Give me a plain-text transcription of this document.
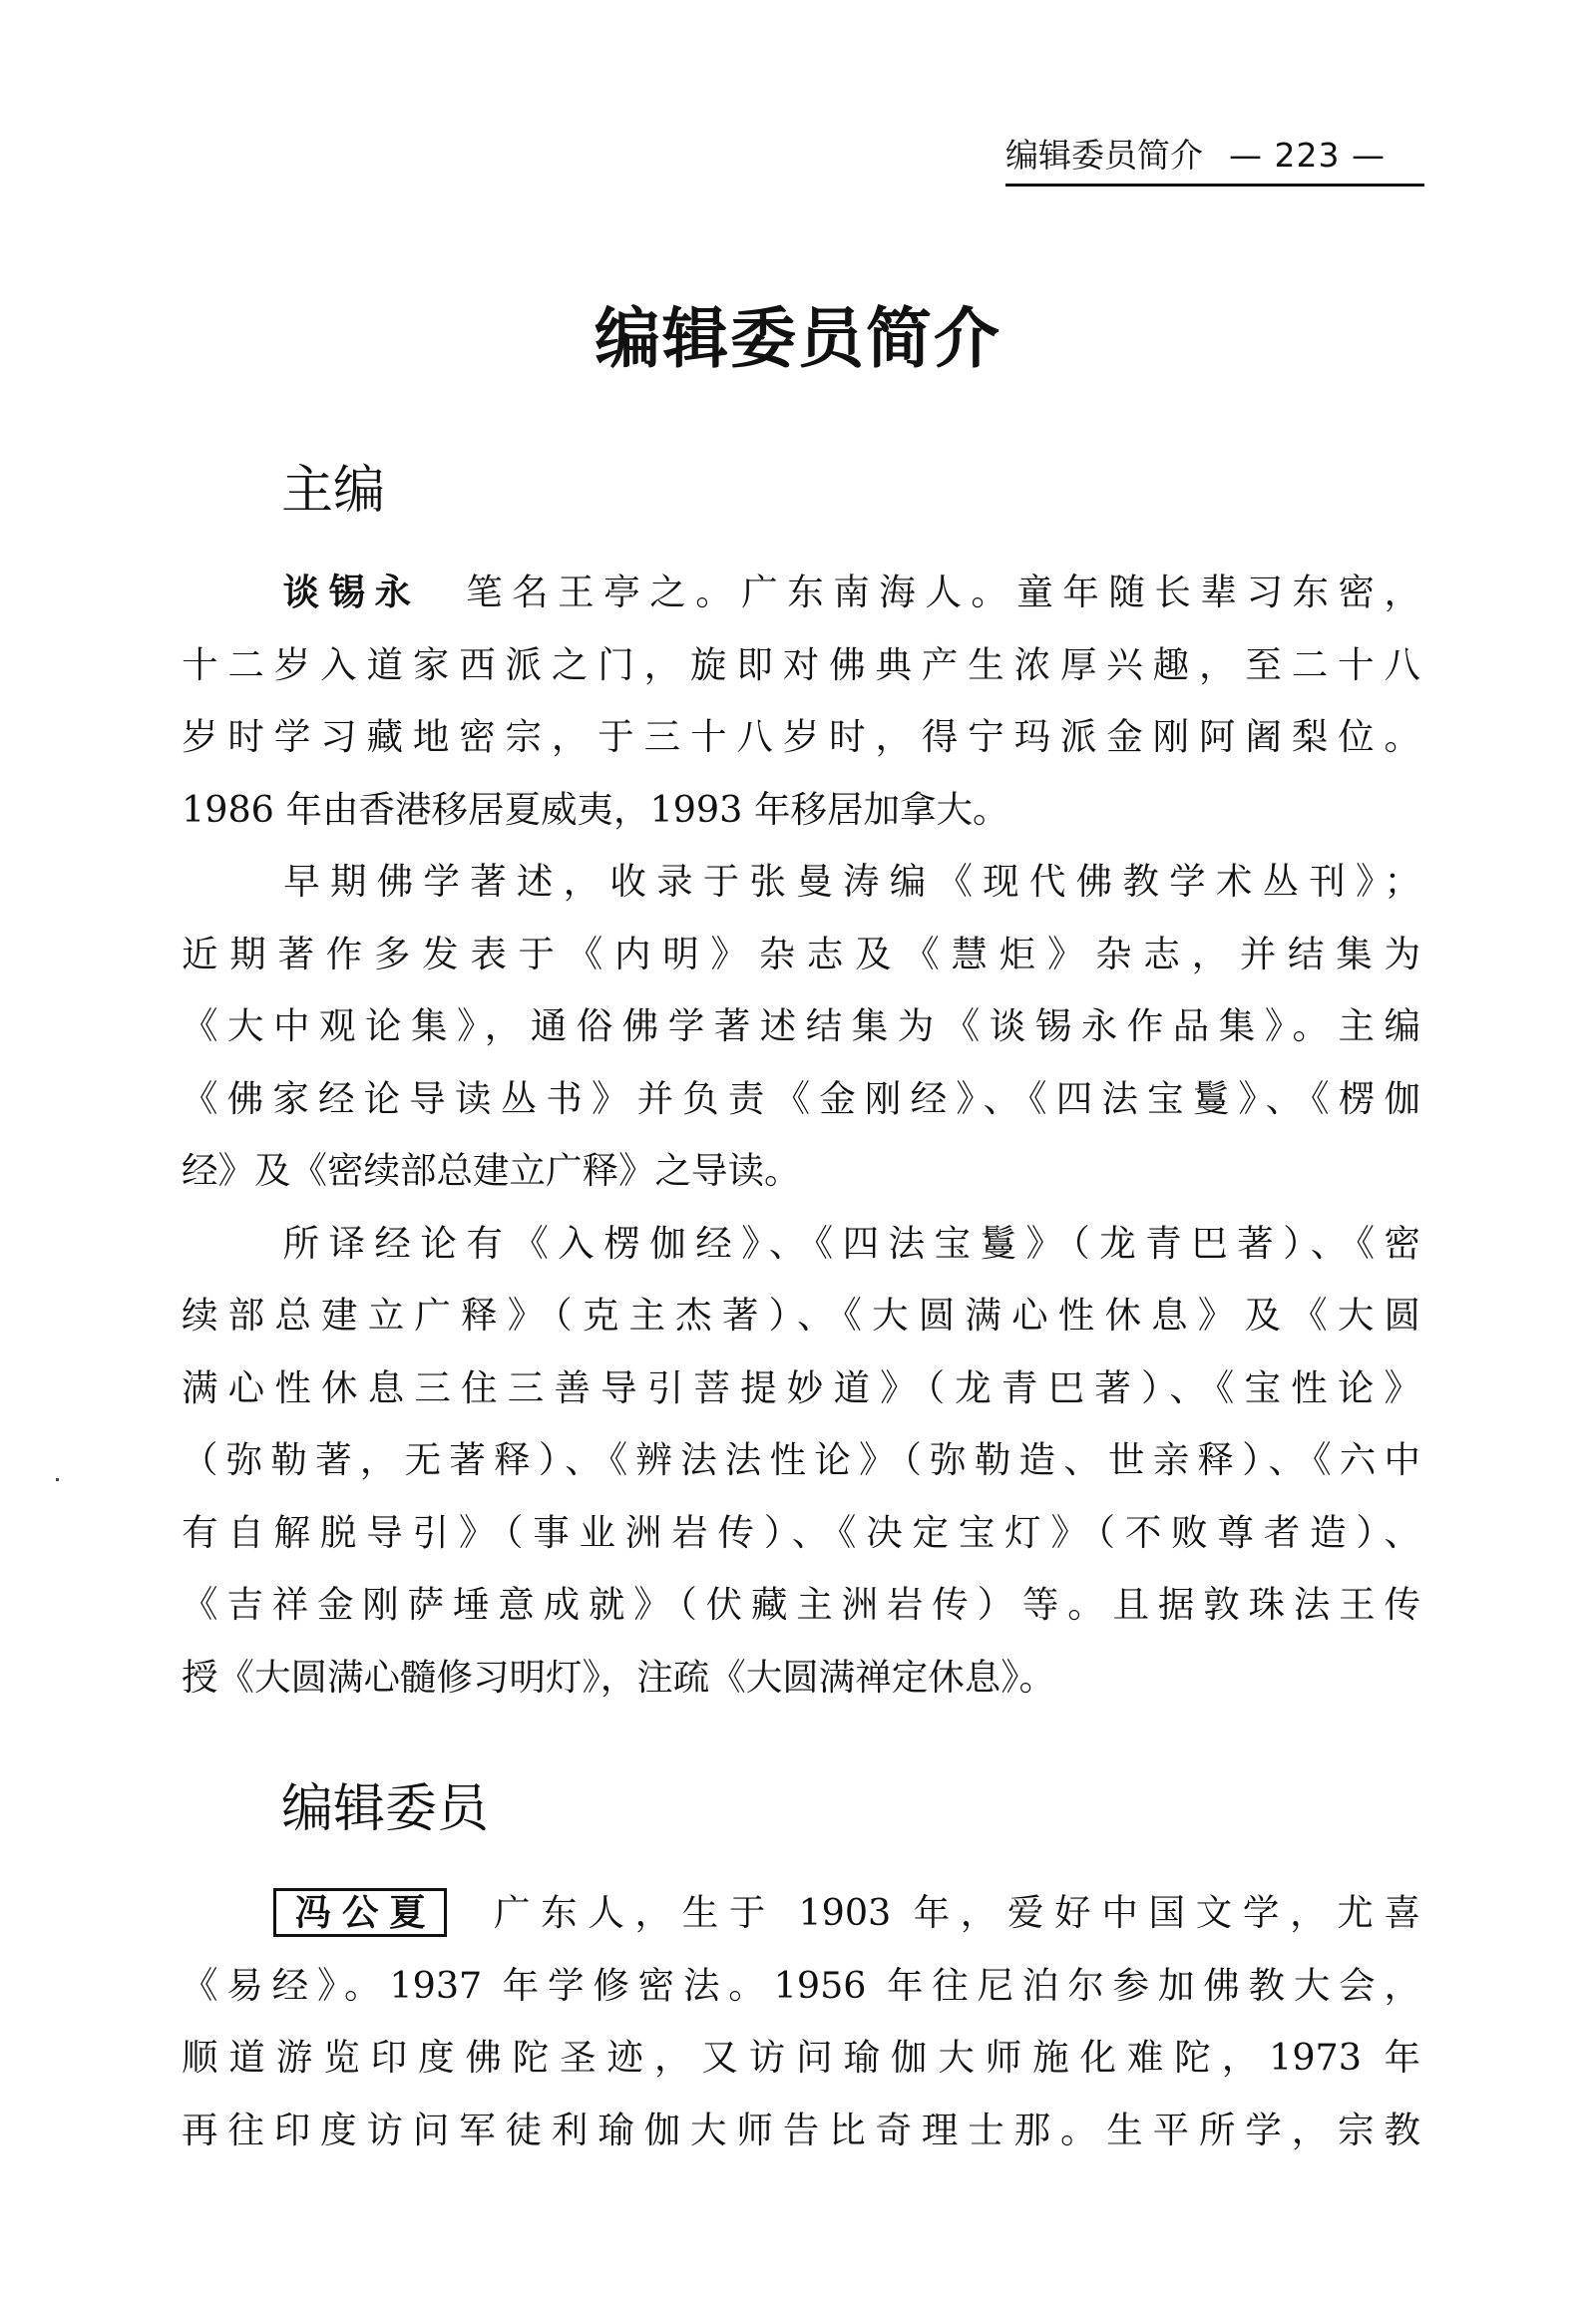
编辑委员简介 — 223 —
编辑委员简介
主编
谈锡永 笔名王亭之。广东南海人。童年随长辈习东密，
十二岁入道家西派之门，旋即对佛典产生浓厚兴趣，至二十八
岁时学习藏地密宗，于三十八岁时，得宁玛派金刚阿阇梨位。
1986 年由香港移居夏威夷，1993 年移居加拿大。
早期佛学著述，收录于张曼涛编《现代佛教学术丛刊》；
近期著作多发表于《内明》杂志及《慧炬》杂志，并结集为
《大中观论集》，通俗佛学著述结集为《谈锡永作品集》。主编
《佛家经论导读丛书》并负责《金刚经》、《四法宝鬘》、《楞伽
经》及《密续部总建立广释》之导读。
所译经论有《入楞伽经》、《四法宝鬘》（龙青巴著）、《密
续部总建立广释》（克主杰著）、《大圆满心性休息》及《大圆
满心性休息三住三善导引菩提妙道》（龙青巴著）、《宝性论》
（弥勒著，无著释）、《辨法法性论》（弥勒造、世亲释）、《六中
有自解脱导引》（事业洲岩传）、《决定宝灯》（不败尊者造）、
《吉祥金刚萨埵意成就》（伏藏主洲岩传）等。且据敦珠法王传
授《大圆满心髓修习明灯》，注疏《大圆满禅定休息》。
编辑委员
冯公夏 广东人，生于 1903 年，爱好中国文学，尤喜
《易经》。1937 年学修密法。1956 年往尼泊尔参加佛教大会，
顺道游览印度佛陀圣迹，又访问瑜伽大师施化难陀，1973 年
再往印度访问军徒利瑜伽大师告比奇理士那。生平所学，宗教
